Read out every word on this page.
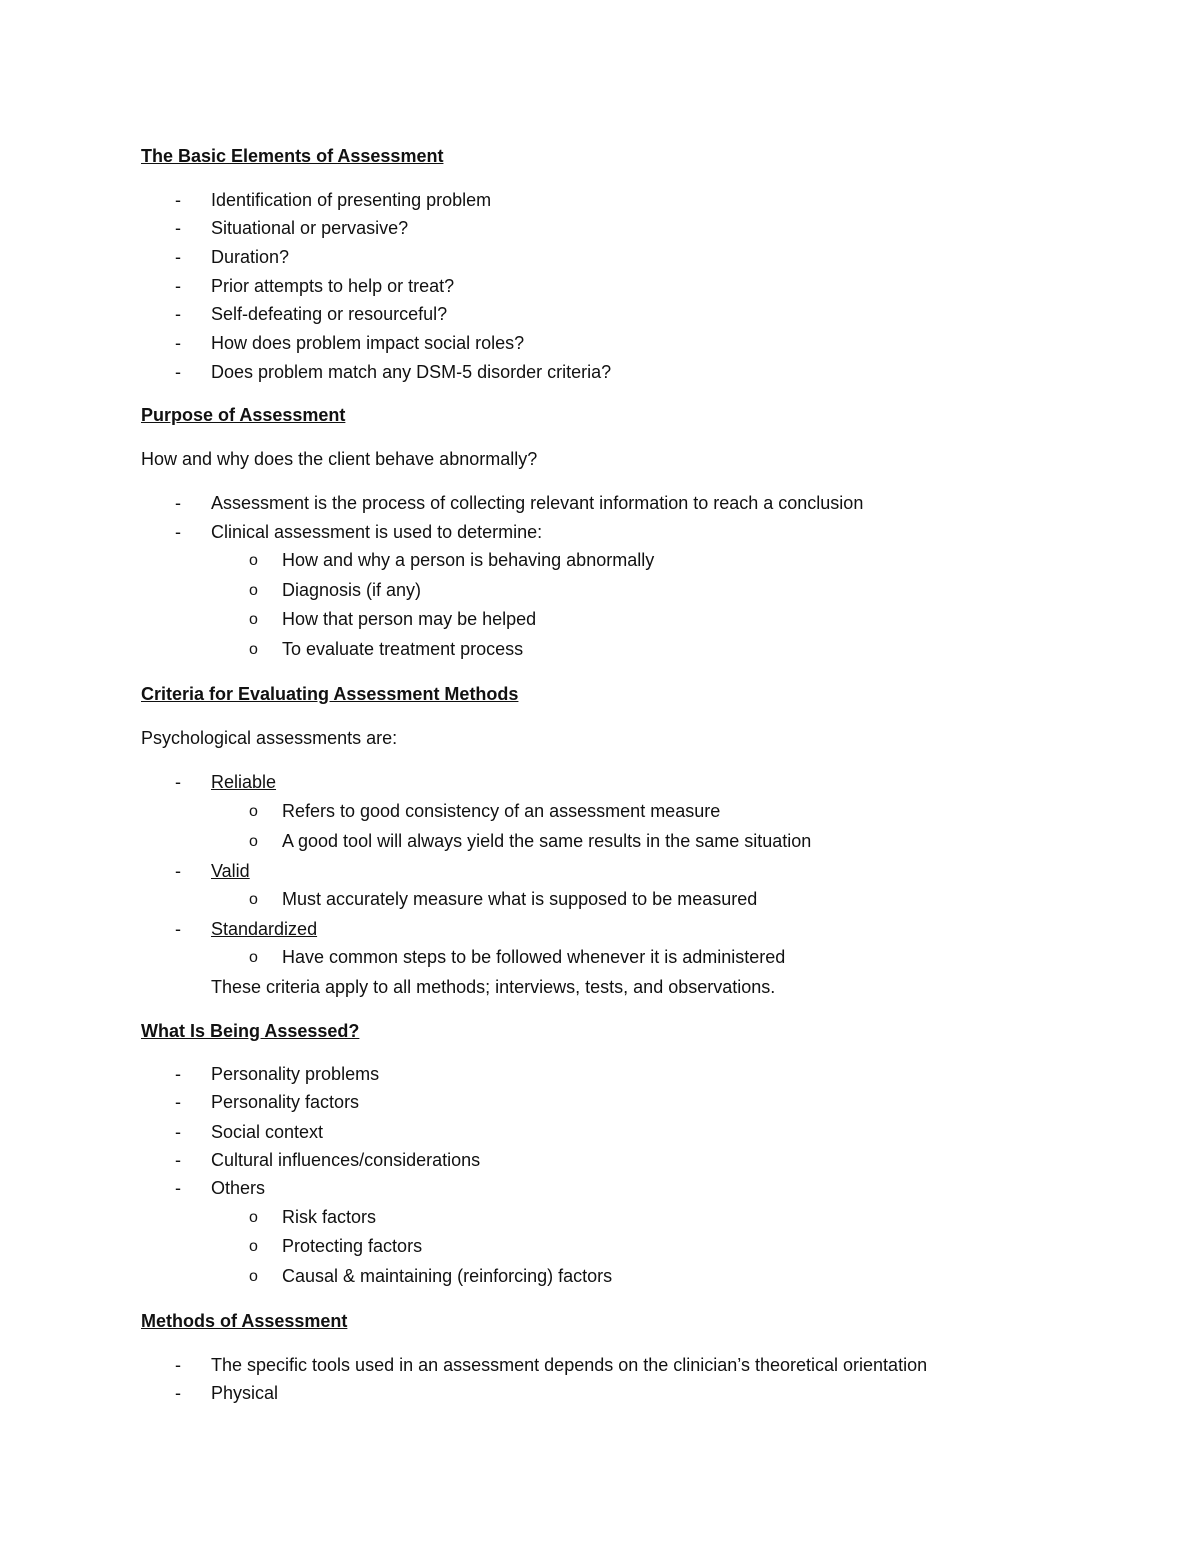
The Basic Elements of Assessment
- Identification of presenting problem
- Situational or pervasive?
- Duration?
- Prior attempts to help or treat?
- Self-defeating or resourceful?
- How does problem impact social roles?
- Does problem match any DSM-5 disorder criteria?
Purpose of Assessment
How and why does the client behave abnormally?
- Assessment is the process of collecting relevant information to reach a conclusion
- Clinical assessment is used to determine:
o How and why a person is behaving abnormally
o Diagnosis (if any)
o How that person may be helped
o To evaluate treatment process
Criteria for Evaluating Assessment Methods
Psychological assessments are:
- Reliable
o Refers to good consistency of an assessment measure
o A good tool will always yield the same results in the same situation
- Valid
o Must accurately measure what is supposed to be measured
- Standardized
o Have common steps to be followed whenever it is administered
These criteria apply to all methods; interviews, tests, and observations.
What Is Being Assessed?
- Personality problems
- Personality factors
- Social context
- Cultural influences/considerations
- Others
o Risk factors
o Protecting factors
o Causal & maintaining (reinforcing) factors
Methods of Assessment
- The specific tools used in an assessment depends on the clinician’s theoretical orientation
- Physical
